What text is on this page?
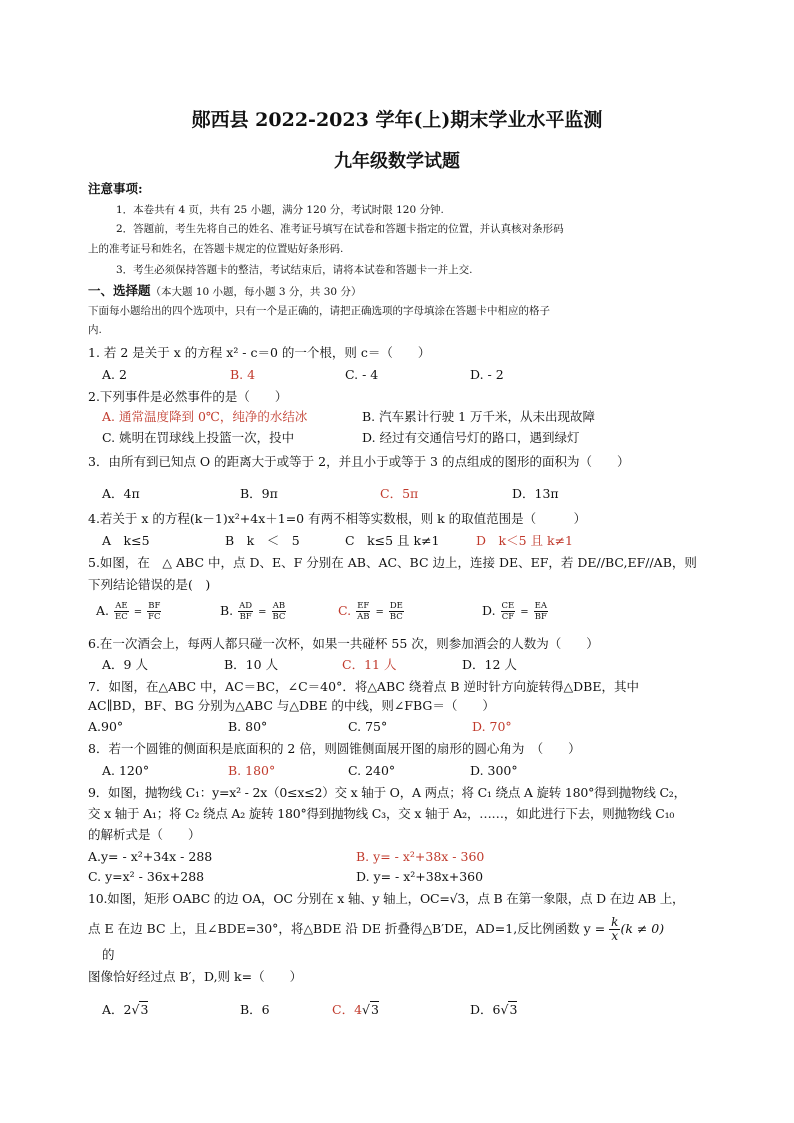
郧西县 2022-2023 学年(上)期末学业水平监测
九年级数学试题
注意事项:
1．本卷共有 4 页，共有 25 小题，满分 120 分，考试时限 120 分钟.
2．答题前，考生先将自己的姓名、准考证号填写在试卷和答题卡指定的位置，并认真核对条形码
上的准考证号和姓名，在答题卡规定的位置贴好条形码.
3．考生必须保持答题卡的整洁，考试结束后，请将本试卷和答题卡一并上交.
一、选择题（本大题 10 小题，每小题 3 分，共 30 分）
下面每小题给出的四个选项中，只有一个是正确的，请把正确选项的字母填涂在答题卡中相应的格子
内.
1. 若 2 是关于 x 的方程 x² - c＝0 的一个根，则 c＝（　　）
A. 2	B. 4	C. - 4	D. - 2
2.下列事件是必然事件的是（　　）
A. 通常温度降到 0℃，纯净的水结冰	B. 汽车累计行驶 1 万千米，从未出现故障
C. 姚明在罚球线上投篮一次，投中	D. 经过有交通信号灯的路口，遇到绿灯
3．由所有到已知点 O 的距离大于或等于 2，并且小于或等于 3 的点组成的图形的面积为（　　）
A．4π	B．9π	C．5π	D．13π
4.若关于 x 的方程(k－1)x²+4x＋1=0 有两不相等实数根，则 k 的取值范围是（　　　）
A　k≤5	B　k　＜　5	C　k≤5 且 k≠1	D　k＜5 且 k≠1
5.如图，在　△ ABC 中，点 D、E、F 分别在 AB、AC、BC 边上，连接 DE、EF，若 DE//BC,EF//AB，则
下列结论错误的是(　)
A. $\frac{AE}{EC} = \frac{BF}{FC}$	B. $\frac{AD}{BF} = \frac{AB}{BC}$	C. $\frac{EF}{AB} = \frac{DE}{BC}$	D. $\frac{CE}{CF} = \frac{EA}{BF}$
6.在一次酒会上，每两人都只碰一次杯，如果一共碰杯 55 次，则参加酒会的人数为（　　）
A．9 人	B．10 人	C．11 人	D．12 人
7．如图，在△ABC 中，AC＝BC，∠C＝40°．将△ABC 绕着点 B 逆时针方向旋转得△DBE，其中
AC∥BD，BF、BG 分别为△ABC 与△DBE 的中线，则∠FBG＝（　　）
A.90°	B. 80°	C. 75°	D. 70°
8．若一个圆锥的侧面积是底面积的 2 倍，则圆锥侧面展开图的扇形的圆心角为　（　　）
A. 120°	B. 180°	C. 240°	D. 300°
9．如图，抛物线 C₁：y=x² - 2x（0≤x≤2）交 x 轴于 O，A 两点；将 C₁ 绕点 A 旋转 180°得到抛物线 C₂，
交 x 轴于 A₁；将 C₂ 绕点 A₂ 旋转 180°得到抛物线 C₃，交 x 轴于 A₂，……，如此进行下去，则抛物线 C₁₀
的解析式是（　　）
A.y= - x²+34x - 288	B. y= - x²+38x - 360
C. y=x² - 36x+288	D. y= - x²+38x+360
10.如图，矩形 OABC 的边 OA，OC 分别在 x 轴、y 轴上，OC=√3，点 B 在第一象限，点 D 在边 AB 上，
点 E 在边 BC 上，且∠BDE=30°，将△BDE 沿 DE 折叠得△B′DE，AD=1,反比例函数 $y = \frac{k}{x} (k \ne 0)$
的
图像恰好经过点 B′，D,则 k=（　　）
A．2√3	B．6	C．4√3	D．6√3
